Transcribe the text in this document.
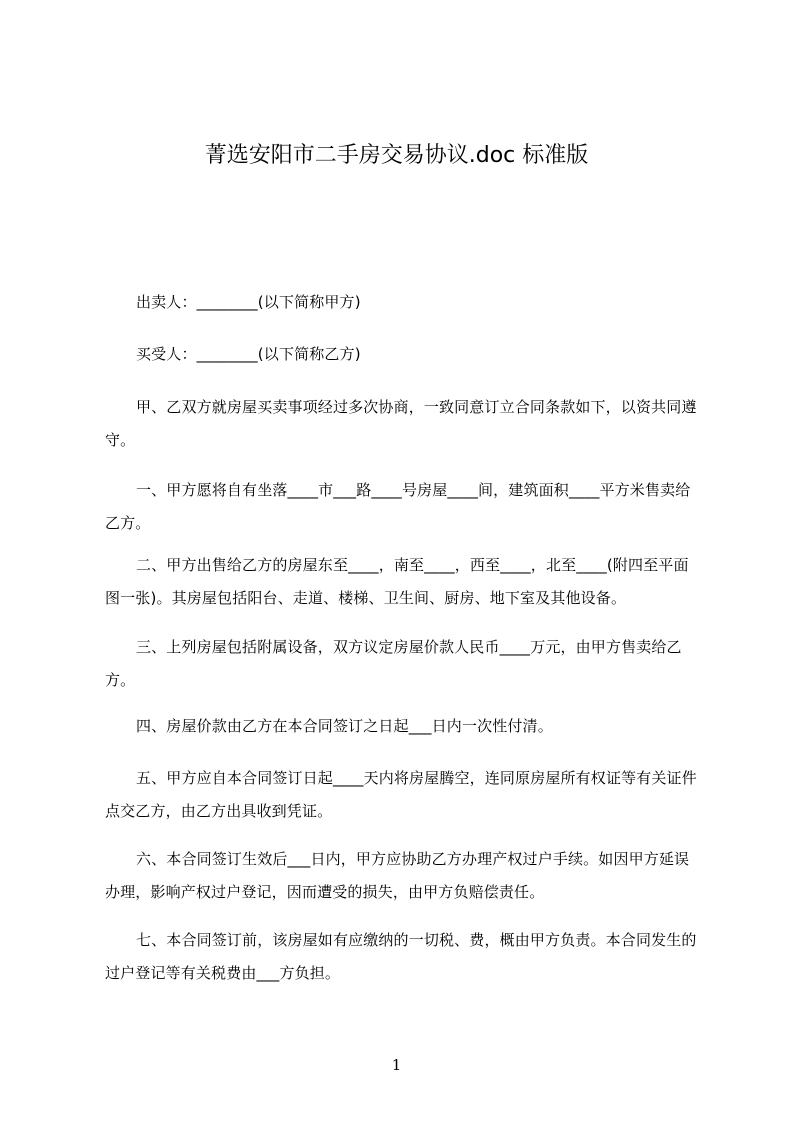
菁选安阳市二手房交易协议.doc 标准版
出卖人：________(以下简称甲方)
买受人：________(以下简称乙方)
甲、乙双方就房屋买卖事项经过多次协商，一致同意订立合同条款如下，以资共同遵守。
一、甲方愿将自有坐落____市___路____号房屋____间，建筑面积____平方米售卖给乙方。
二、甲方出售给乙方的房屋东至____，南至____，西至____，北至____(附四至平面图一张)。其房屋包括阳台、走道、楼梯、卫生间、厨房、地下室及其他设备。
三、上列房屋包括附属设备，双方议定房屋价款人民币____万元，由甲方售卖给乙方。
四、房屋价款由乙方在本合同签订之日起___日内一次性付清。
五、甲方应自本合同签订日起____天内将房屋腾空，连同原房屋所有权证等有关证件点交乙方，由乙方出具收到凭证。
六、本合同签订生效后___日内，甲方应协助乙方办理产权过户手续。如因甲方延误办理，影响产权过户登记，因而遭受的损失，由甲方负赔偿责任。
七、本合同签订前，该房屋如有应缴纳的一切税、费，概由甲方负责。本合同发生的过户登记等有关税费由___方负担。
1
